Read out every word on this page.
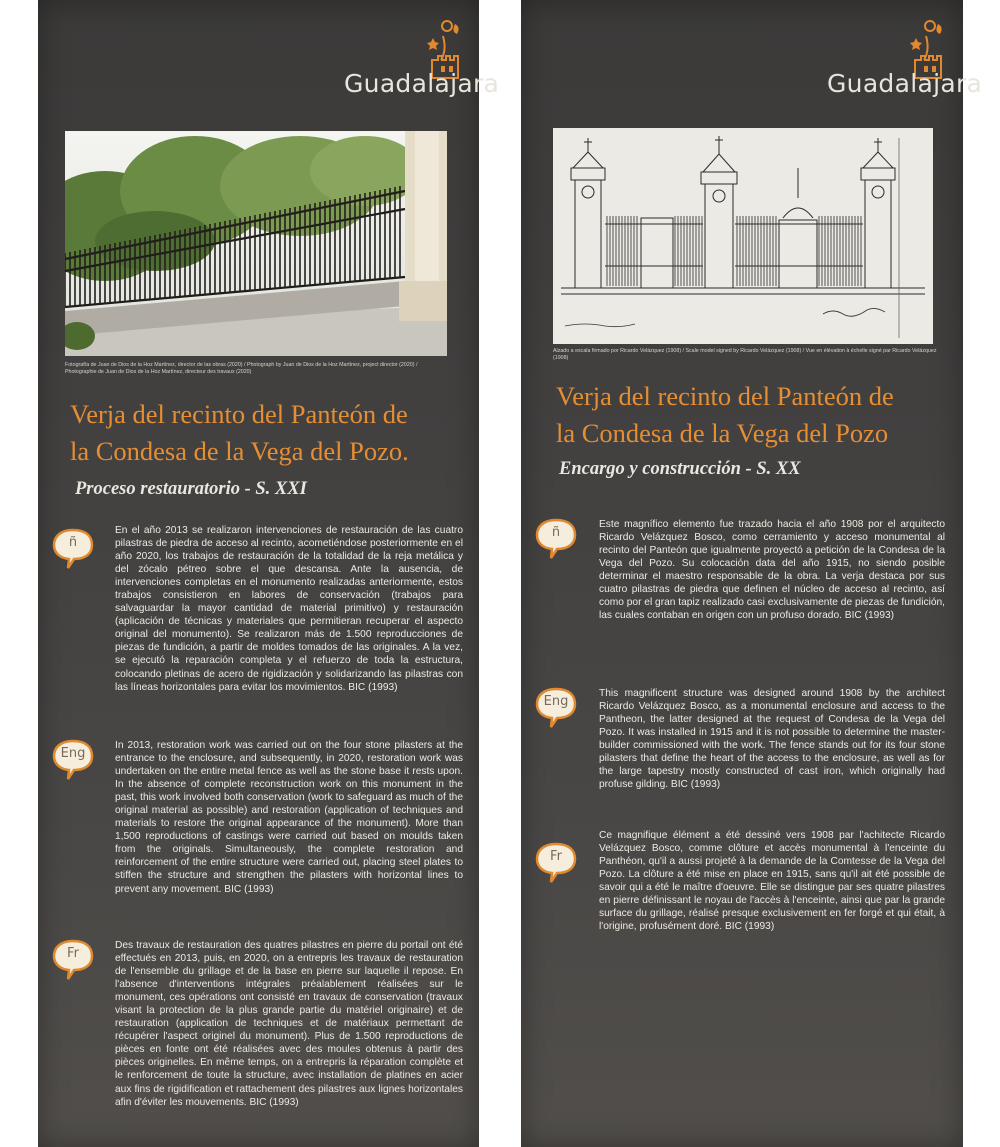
Guadalajara
Fotografía de Juan de Dios de la Hoz Martínez, director de las obras (2020) / Photograph by Juan de Dios de la Hoz Martínez, project director (2020) / Photographie de Juan de Dios de la Hoz Martínez, directeur des travaux (2020)
Verja del recinto del Panteón de
la Condesa de la Vega del Pozo.
Proceso restauratorio - S. XXI
ñ

En el año 2013 se realizaron intervenciones de restauración de las cuatro pilastras de piedra de acceso al recinto, acometiéndose posteriormente en el año 2020, los trabajos de restauración de la totalidad de la reja metálica y del zócalo pétreo sobre el que descansa. Ante la ausencia, de intervenciones completas en el monumento realizadas anteriormente, estos trabajos consistieron en labores de conservación (trabajos para salvaguardar la mayor cantidad de material primitivo) y restauración (aplicación de técnicas y materiales que permitieran recuperar el aspecto original del monumento). Se realizaron más de 1.500 reproducciones de piezas de fundición, a partir de moldes tomados de las originales. A la vez, se ejecutó la reparación completa y el refuerzo de toda la estructura, colocando pletinas de acero de rigidización y solidarizando las pilastras con las líneas horizontales para evitar los movimientos. BIC (1993)

Eng

In 2013, restoration work was carried out on the four stone pilasters at the entrance to the enclosure, and subsequently, in 2020, restoration work was undertaken on the entire metal fence as well as the stone base it rests upon. In the absence of complete reconstruction work on this monument in the past, this work involved both conservation (work to safeguard as much of the original material as possible) and restoration (application of techniques and materials to restore the original appearance of the monument). More than 1,500 reproductions of castings were carried out based on moulds taken from the originals. Simultaneously, the complete restoration and reinforcement of the entire structure were carried out, placing steel plates to stiffen the structure and strengthen the pilasters with horizontal lines to prevent any movement. BIC (1993)

Fr

Des travaux de restauration des quatres pilastres en pierre du portail ont été effectués en 2013, puis, en 2020, on a entrepris les travaux de restauration de l'ensemble du grillage et de la base en pierre sur laquelle il repose. En l'absence d'interventions intégrales préalablement réalisées sur le monument, ces opérations ont consisté en travaux de conservation (travaux visant la protection de la plus grande partie du matériel originaire) et de restauration (application de techniques et de matériaux permettant de récupérer l'aspect originel du monument). Plus de 1.500 reproductions de pièces en fonte ont été réalisées avec des moules obtenus à partir des pièces originelles. En même temps, on a entrepris la réparation complète et le renforcement de toute la structure, avec installation de platines en acier aux fins de rigidification et rattachement des pilastres aux lignes horizontales afin d'éviter les mouvements. BIC (1993)

Guadalajara
Alzado a escala firmado por Ricardo Velázquez (1908) / Scale model signed by Ricardo Velázquez (1908) / Vue en élévation à échelle signé par Ricardo Velázquez (1908)
Verja del recinto del Panteón de
la Condesa de la Vega del Pozo
Encargo y construcción - S. XX
ñ

Este magnífico elemento fue trazado hacia el año 1908 por el arquitecto Ricardo Velázquez Bosco, como cerramiento y acceso monumental al recinto del Panteón que igualmente proyectó a petición de la Condesa de la Vega del Pozo. Su colocación data del año 1915, no siendo posible determinar el maestro responsable de la obra. La verja destaca por sus cuatro pilastras de piedra que definen el núcleo de acceso al recinto, así como por el gran tapiz realizado casi exclusivamente de piezas de fundición, las cuales contaban en origen con un profuso dorado. BIC (1993)

Eng

This magnificent structure was designed around 1908 by the architect Ricardo Velázquez Bosco, as a monumental enclosure and access to the Pantheon, the latter designed at the request of Condesa de la Vega del Pozo. It was installed in 1915 and it is not possible to determine the master-builder commissioned with the work. The fence stands out for its four stone pilasters that define the heart of the access to the enclosure, as well as for the large tapestry mostly constructed of cast iron, which originally had profuse gilding. BIC (1993)

Fr

Ce magnifique élément a été dessiné vers 1908 par l'achitecte Ricardo Velázquez Bosco, comme clôture et accès monumental à l'enceinte du Panthéon, qu'il a aussi projeté à la demande de la Comtesse de la Vega del Pozo. La clôture a été mise en place en 1915, sans qu'il ait été possible de savoir qui a été le maître d'oeuvre. Elle se distingue par ses quatre pilastres en pierre définissant le noyau de l'accès à l'enceinte, ainsi que par la grande surface du grillage, réalisé presque exclusivement en fer forgé et qui était, à l'origine, profusément doré. BIC (1993)
